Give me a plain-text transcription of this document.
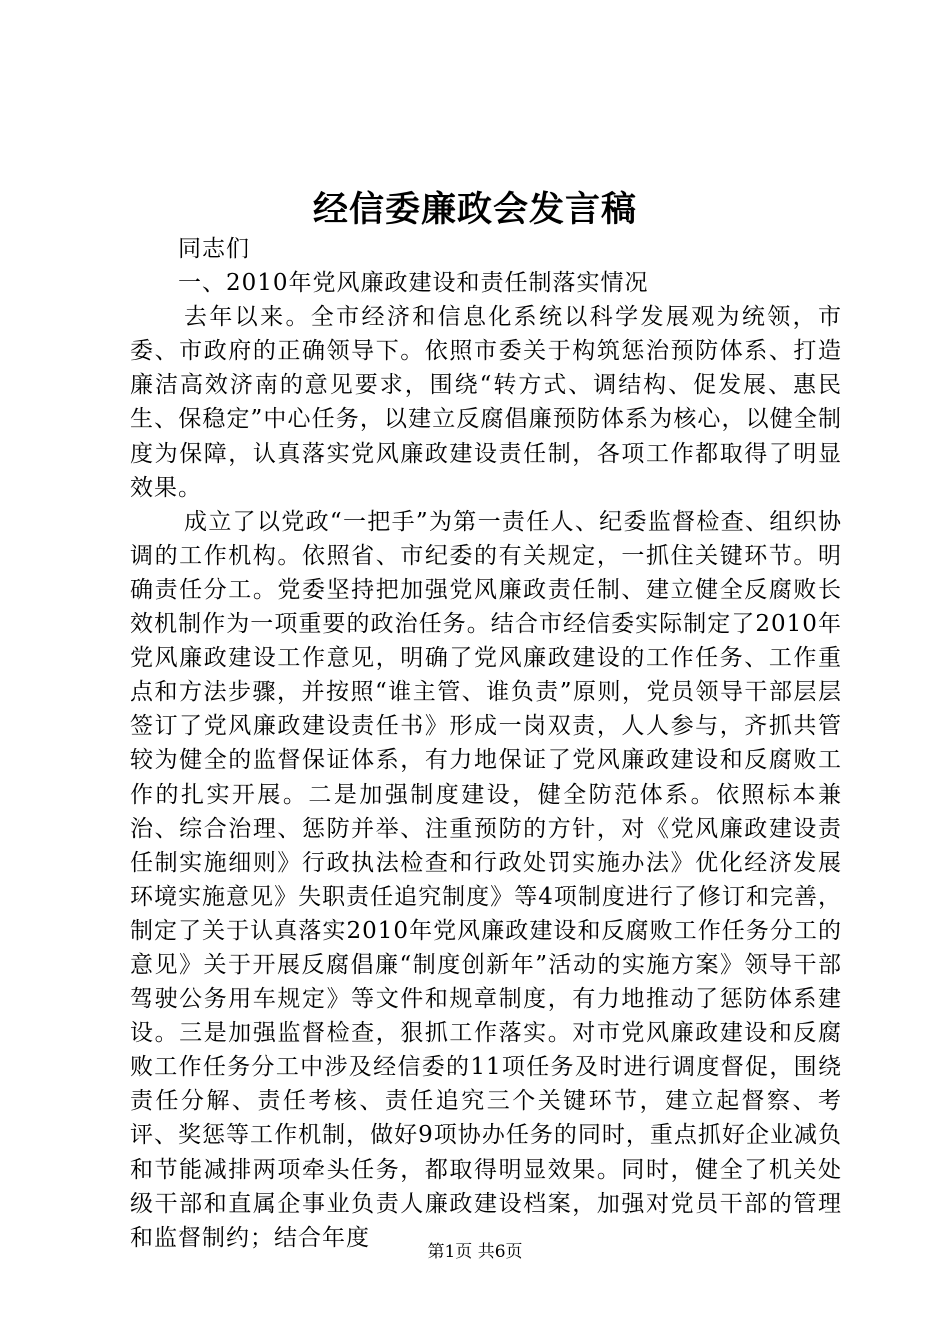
经信委廉政会发言稿
同志们
一、2010年党风廉政建设和责任制落实情况
去年以来。全市经济和信息化系统以科学发展观为统领，市委、市政府的正确领导下。依照市委关于构筑惩治预防体系、打造廉洁高效济南的意见要求，围绕“转方式、调结构、促发展、惠民生、保稳定”中心任务，以建立反腐倡廉预防体系为核心，以健全制度为保障，认真落实党风廉政建设责任制，各项工作都取得了明显效果。
成立了以党政“一把手”为第一责任人、纪委监督检查、组织协调的工作机构。依照省、市纪委的有关规定，一抓住关键环节。明确责任分工。党委坚持把加强党风廉政责任制、建立健全反腐败长效机制作为一项重要的政治任务。结合市经信委实际制定了2010年党风廉政建设工作意见，明确了党风廉政建设的工作任务、工作重点和方法步骤，并按照“谁主管、谁负责”原则，党员领导干部层层签订了党风廉政建设责任书》形成一岗双责，人人参与，齐抓共管较为健全的监督保证体系，有力地保证了党风廉政建设和反腐败工作的扎实开展。二是加强制度建设，健全防范体系。依照标本兼治、综合治理、惩防并举、注重预防的方针，对《党风廉政建设责任制实施细则》行政执法检查和行政处罚实施办法》优化经济发展环境实施意见》失职责任追究制度》等4项制度进行了修订和完善，制定了关于认真落实2010年党风廉政建设和反腐败工作任务分工的意见》关于开展反腐倡廉“制度创新年”活动的实施方案》领导干部驾驶公务用车规定》等文件和规章制度，有力地推动了惩防体系建设。三是加强监督检查，狠抓工作落实。对市党风廉政建设和反腐败工作任务分工中涉及经信委的11项任务及时进行调度督促，围绕责任分解、责任考核、责任追究三个关键环节，建立起督察、考评、奖惩等工作机制，做好9项协办任务的同时，重点抓好企业减负和节能减排两项牵头任务，都取得明显效果。同时，健全了机关处级干部和直属企事业负责人廉政建设档案，加强对党员干部的管理和监督制约；结合年度
第1页 共6页
